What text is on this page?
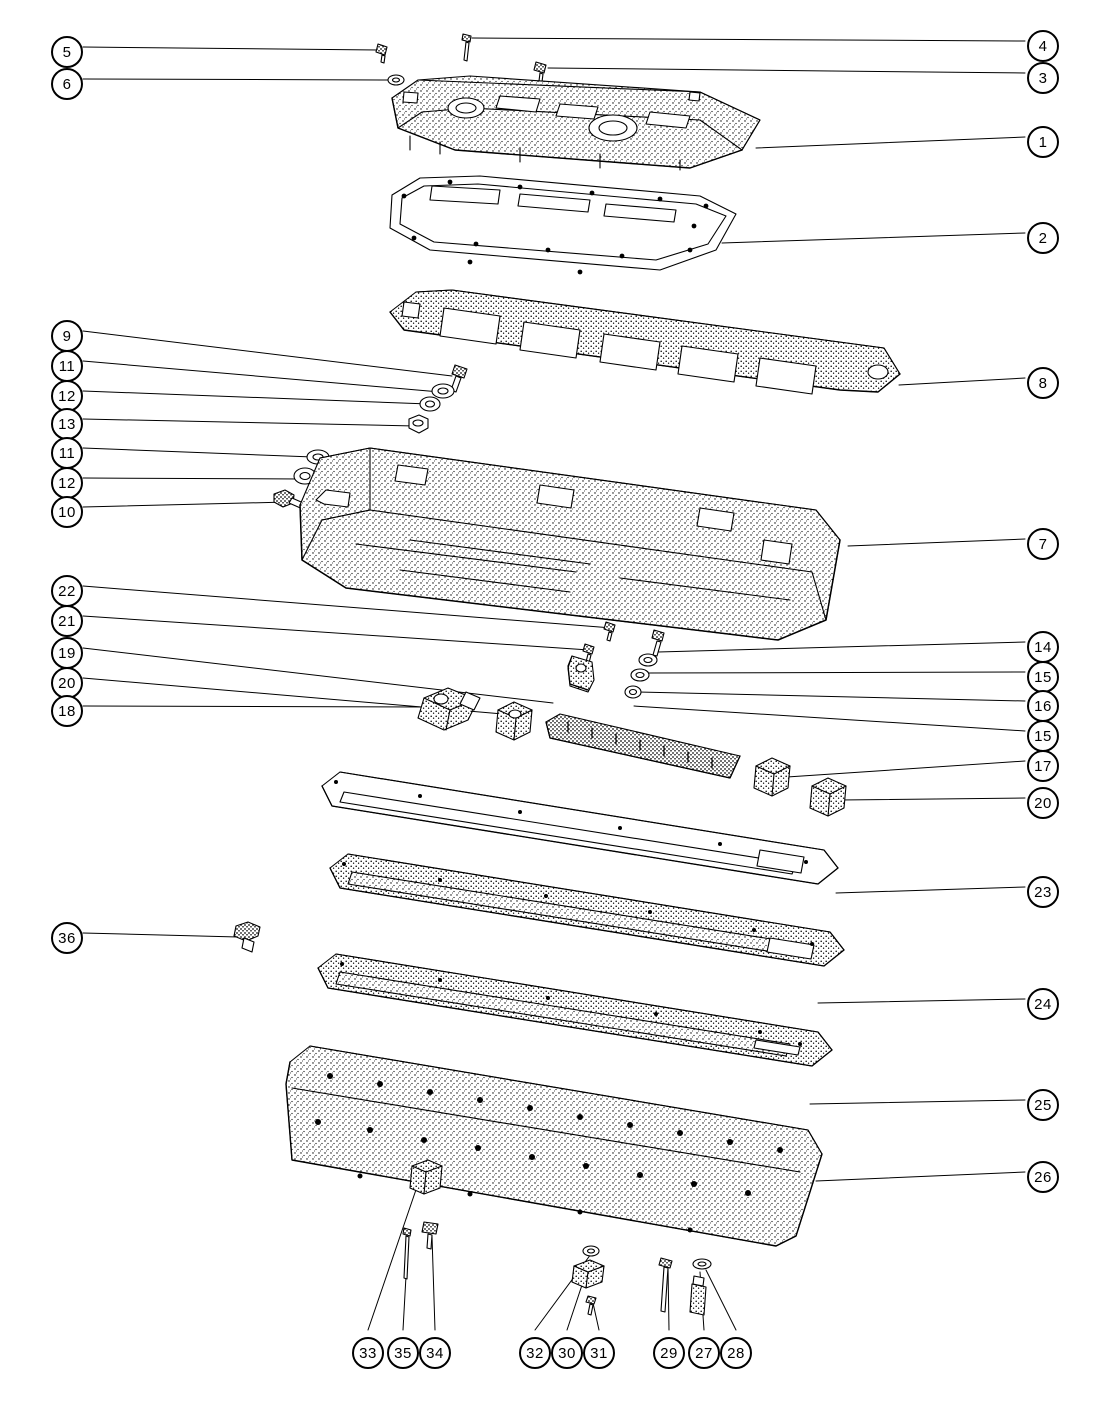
5
6
4
3
1
2
9
11
12
13
11
12
10
8
7
22
21
19
20
18
14
15
16
15
17
20
23
36
24
25
26
33	35 34	32 30 31	29	27 28
